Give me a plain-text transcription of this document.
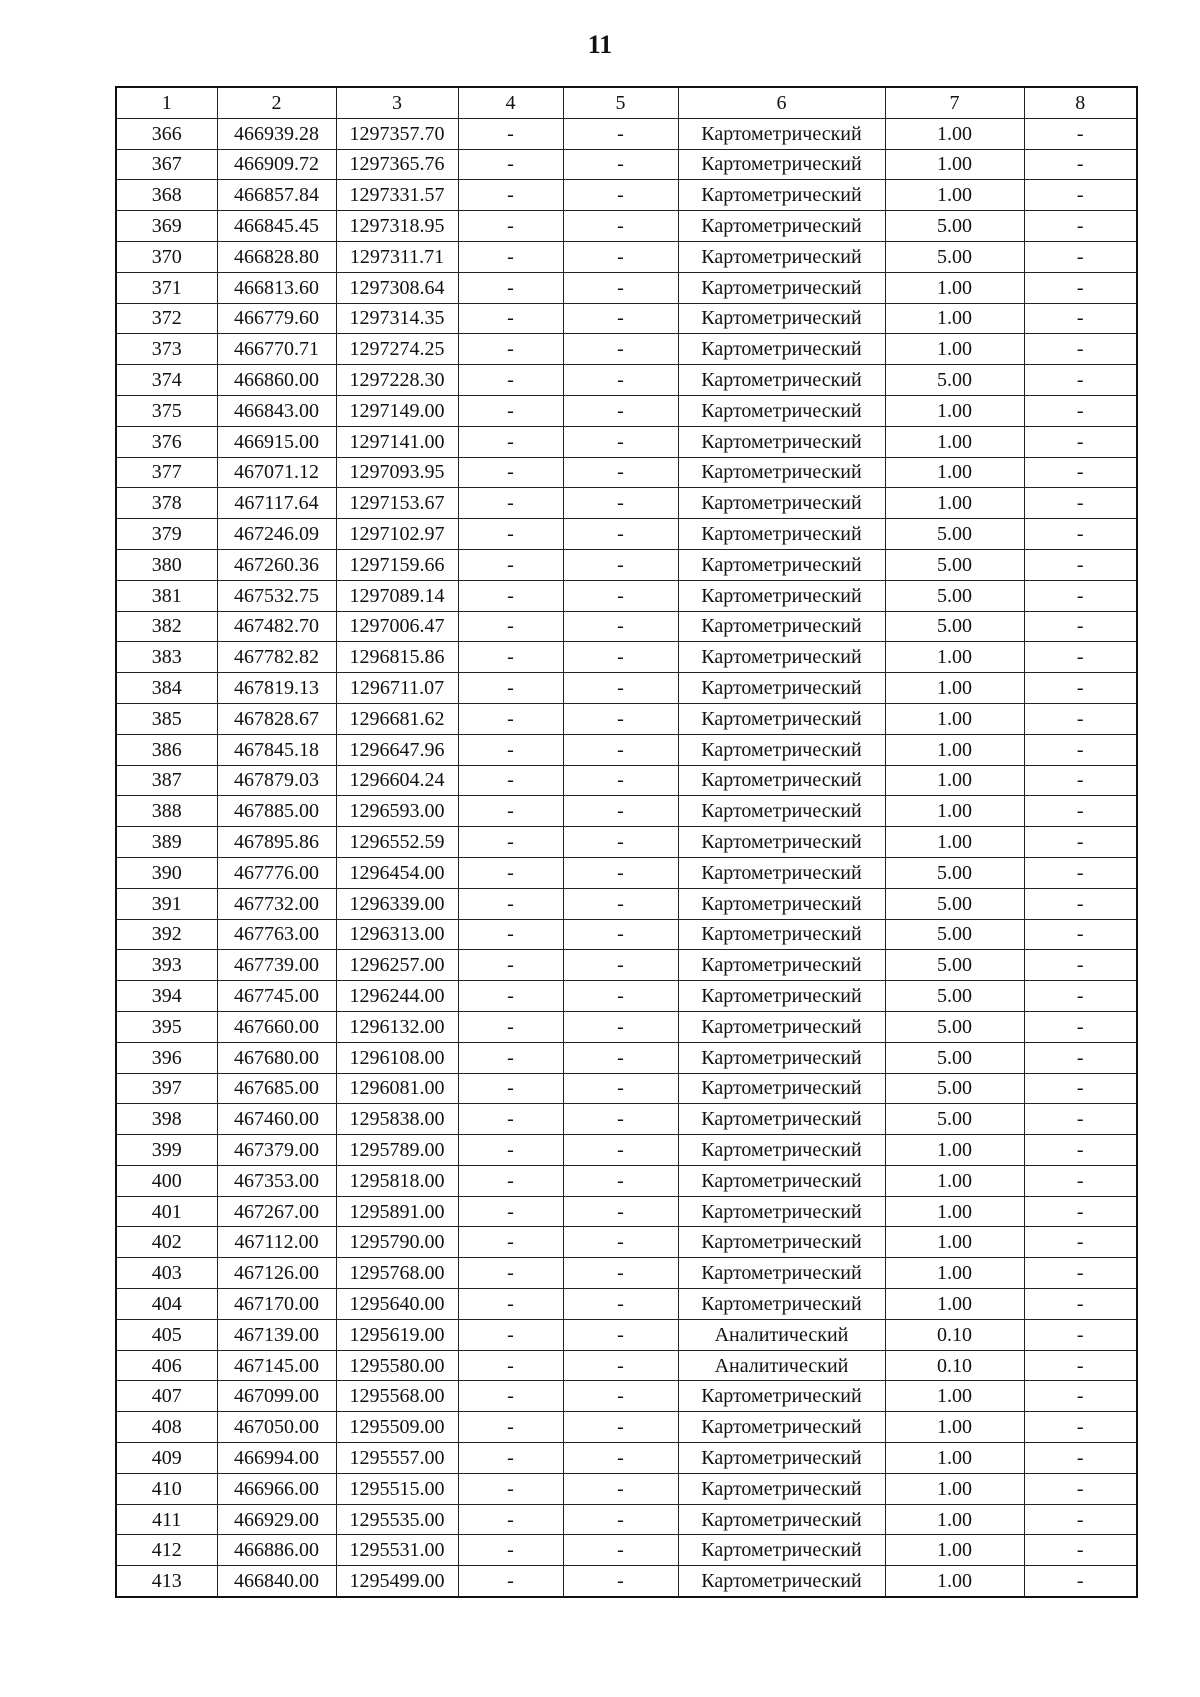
11
1	2	3	4	5	6	7	8
366	466939.28	1297357.70	-	-	Картометрический	1.00	-
367	466909.72	1297365.76	-	-	Картометрический	1.00	-
368	466857.84	1297331.57	-	-	Картометрический	1.00	-
369	466845.45	1297318.95	-	-	Картометрический	5.00	-
370	466828.80	1297311.71	-	-	Картометрический	5.00	-
371	466813.60	1297308.64	-	-	Картометрический	1.00	-
372	466779.60	1297314.35	-	-	Картометрический	1.00	-
373	466770.71	1297274.25	-	-	Картометрический	1.00	-
374	466860.00	1297228.30	-	-	Картометрический	5.00	-
375	466843.00	1297149.00	-	-	Картометрический	1.00	-
376	466915.00	1297141.00	-	-	Картометрический	1.00	-
377	467071.12	1297093.95	-	-	Картометрический	1.00	-
378	467117.64	1297153.67	-	-	Картометрический	1.00	-
379	467246.09	1297102.97	-	-	Картометрический	5.00	-
380	467260.36	1297159.66	-	-	Картометрический	5.00	-
381	467532.75	1297089.14	-	-	Картометрический	5.00	-
382	467482.70	1297006.47	-	-	Картометрический	5.00	-
383	467782.82	1296815.86	-	-	Картометрический	1.00	-
384	467819.13	1296711.07	-	-	Картометрический	1.00	-
385	467828.67	1296681.62	-	-	Картометрический	1.00	-
386	467845.18	1296647.96	-	-	Картометрический	1.00	-
387	467879.03	1296604.24	-	-	Картометрический	1.00	-
388	467885.00	1296593.00	-	-	Картометрический	1.00	-
389	467895.86	1296552.59	-	-	Картометрический	1.00	-
390	467776.00	1296454.00	-	-	Картометрический	5.00	-
391	467732.00	1296339.00	-	-	Картометрический	5.00	-
392	467763.00	1296313.00	-	-	Картометрический	5.00	-
393	467739.00	1296257.00	-	-	Картометрический	5.00	-
394	467745.00	1296244.00	-	-	Картометрический	5.00	-
395	467660.00	1296132.00	-	-	Картометрический	5.00	-
396	467680.00	1296108.00	-	-	Картометрический	5.00	-
397	467685.00	1296081.00	-	-	Картометрический	5.00	-
398	467460.00	1295838.00	-	-	Картометрический	5.00	-
399	467379.00	1295789.00	-	-	Картометрический	1.00	-
400	467353.00	1295818.00	-	-	Картометрический	1.00	-
401	467267.00	1295891.00	-	-	Картометрический	1.00	-
402	467112.00	1295790.00	-	-	Картометрический	1.00	-
403	467126.00	1295768.00	-	-	Картометрический	1.00	-
404	467170.00	1295640.00	-	-	Картометрический	1.00	-
405	467139.00	1295619.00	-	-	Аналитический	0.10	-
406	467145.00	1295580.00	-	-	Аналитический	0.10	-
407	467099.00	1295568.00	-	-	Картометрический	1.00	-
408	467050.00	1295509.00	-	-	Картометрический	1.00	-
409	466994.00	1295557.00	-	-	Картометрический	1.00	-
410	466966.00	1295515.00	-	-	Картометрический	1.00	-
411	466929.00	1295535.00	-	-	Картометрический	1.00	-
412	466886.00	1295531.00	-	-	Картометрический	1.00	-
413	466840.00	1295499.00	-	-	Картометрический	1.00	-
